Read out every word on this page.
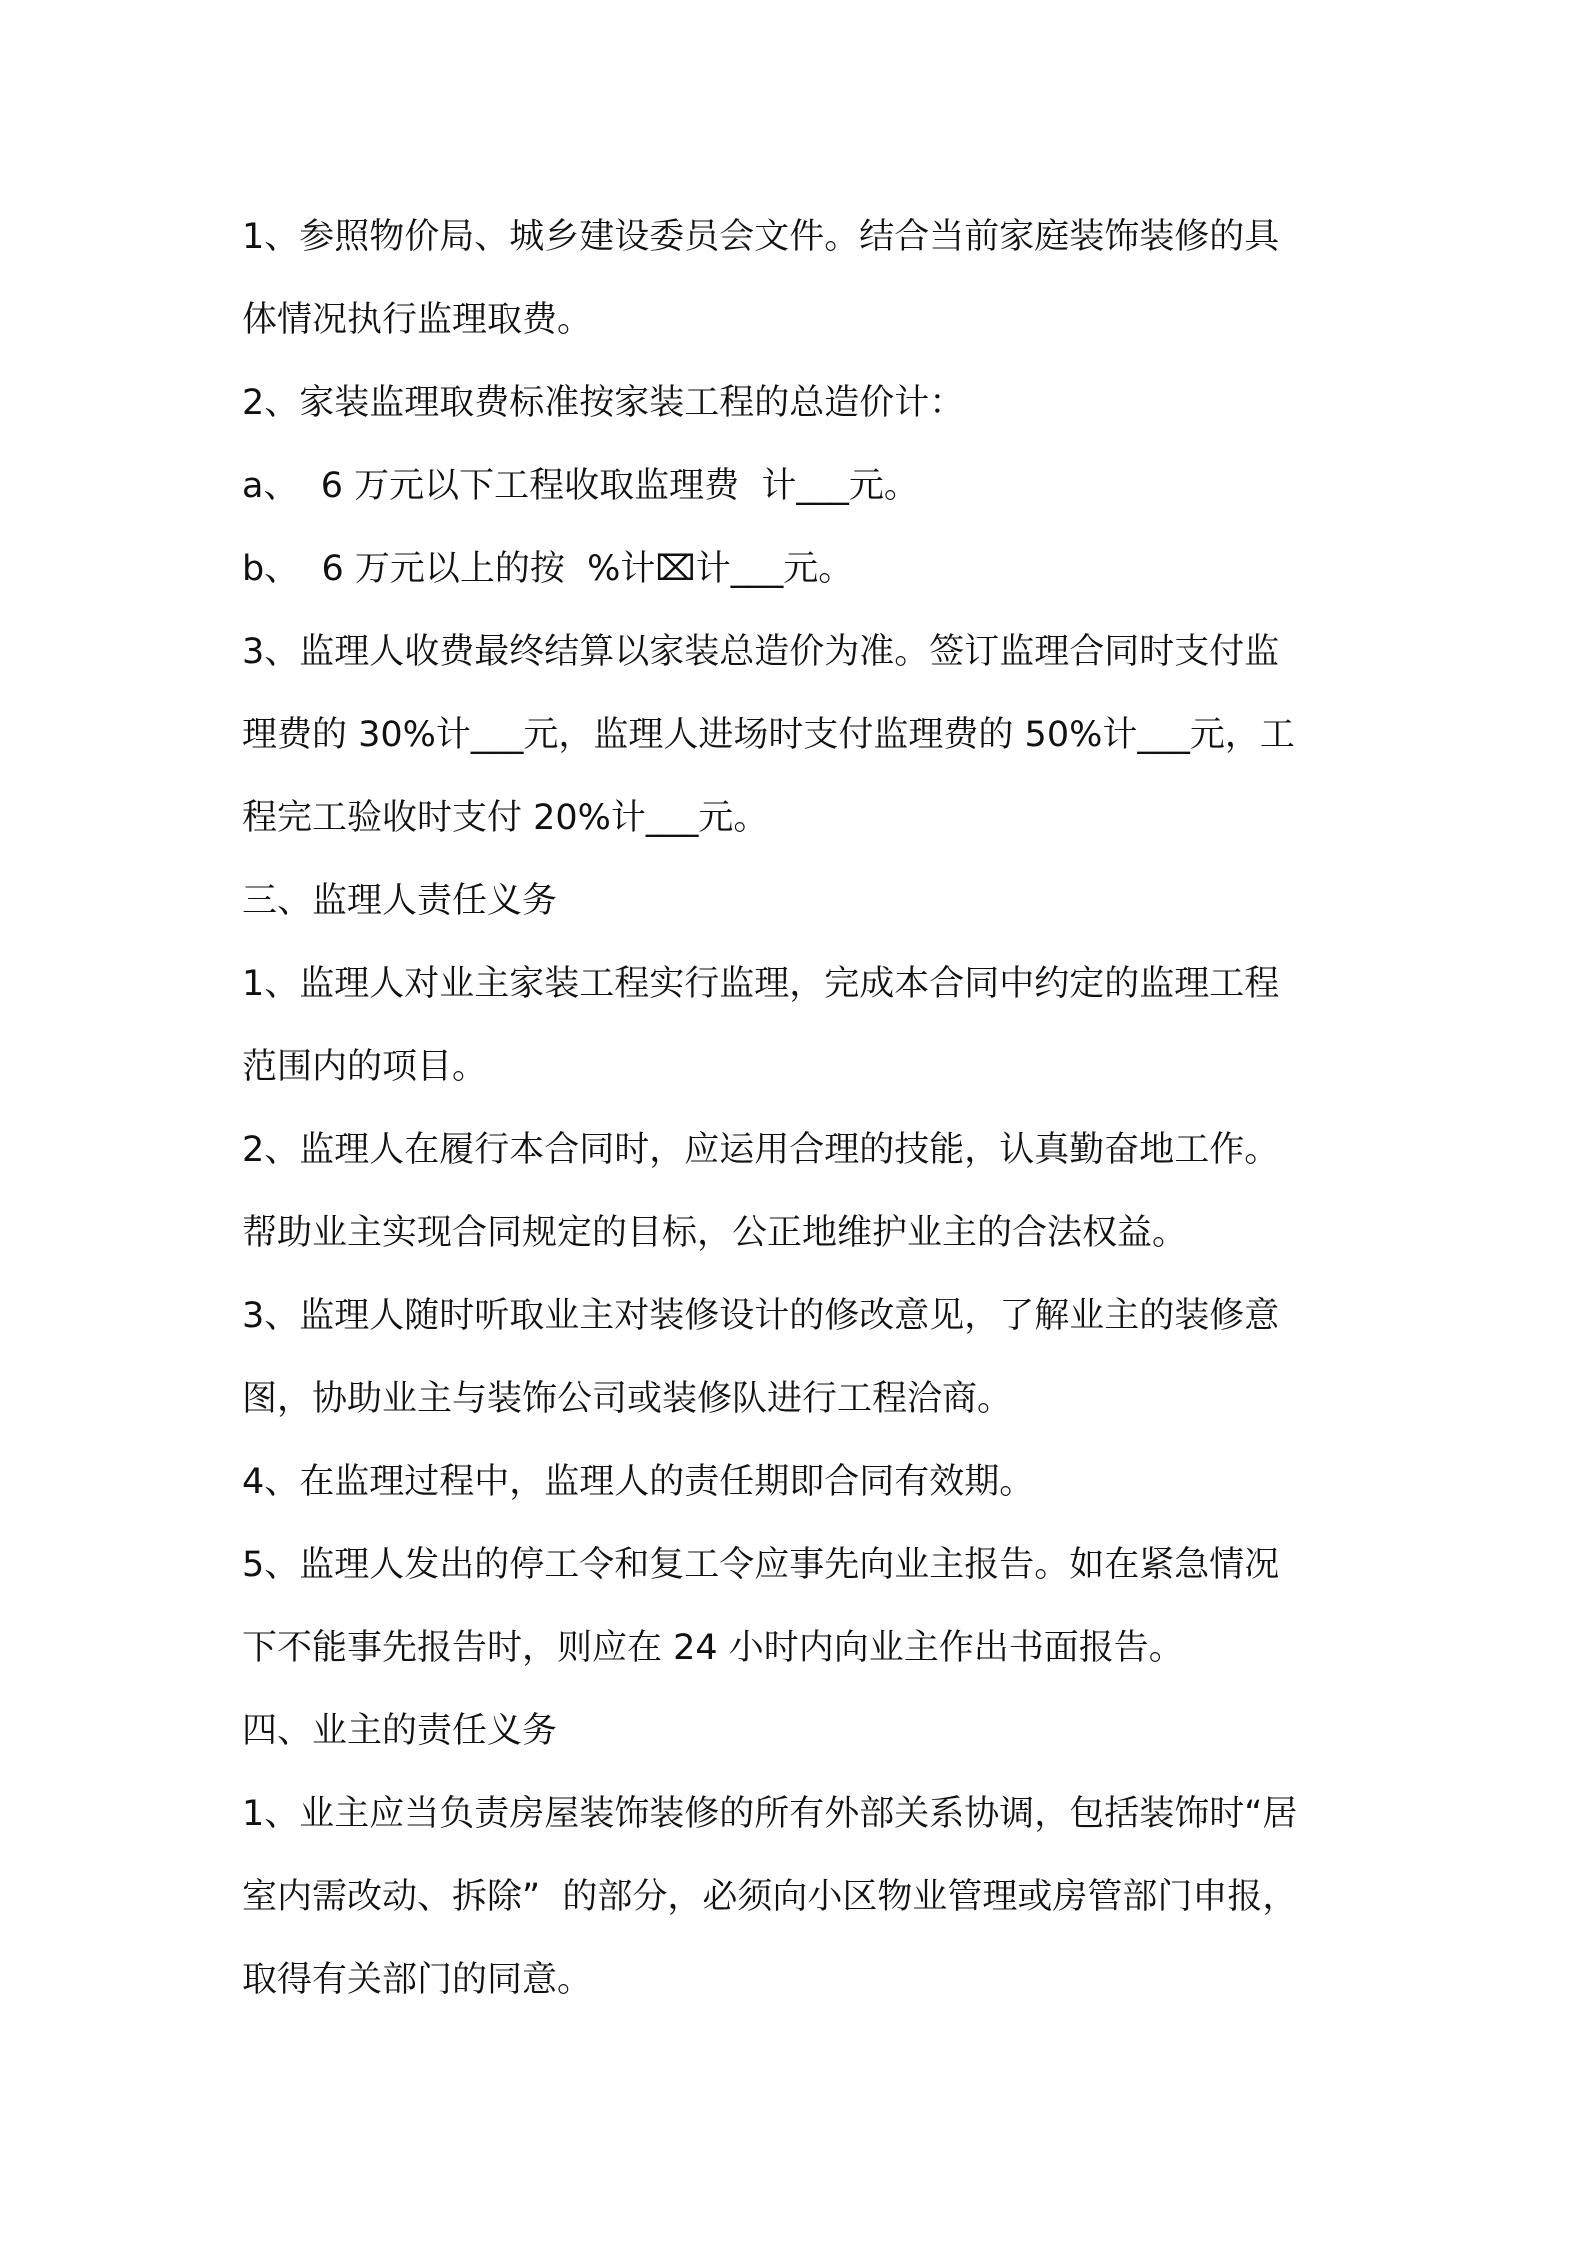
1、参照物价局、城乡建设委员会文件。结合当前家庭装饰装修的具
体情况执行监理取费。
2、家装监理取费标准按家装工程的总造价计：
a、  6 万元以下工程收取监理费  计___元。
b、  6 万元以上的按  %计⌧计___元。
3、监理人收费最终结算以家装总造价为准。签订监理合同时支付监
理费的 30%计___元，监理人进场时支付监理费的 50%计___元，工
程完工验收时支付 20%计___元。
三、监理人责任义务
1、监理人对业主家装工程实行监理，完成本合同中约定的监理工程
范围内的项目。
2、监理人在履行本合同时，应运用合理的技能，认真勤奋地工作。
帮助业主实现合同规定的目标，公正地维护业主的合法权益。
3、监理人随时听取业主对装修设计的修改意见，了解业主的装修意
图，协助业主与装饰公司或装修队进行工程洽商。
4、在监理过程中，监理人的责任期即合同有效期。
5、监理人发出的停工令和复工令应事先向业主报告。如在紧急情况
下不能事先报告时，则应在 24 小时内向业主作出书面报告。
四、业主的责任义务
1、业主应当负责房屋装饰装修的所有外部关系协调，包括装饰时“居
室内需改动、拆除”  的部分，必须向小区物业管理或房管部门申报，
取得有关部门的同意。
